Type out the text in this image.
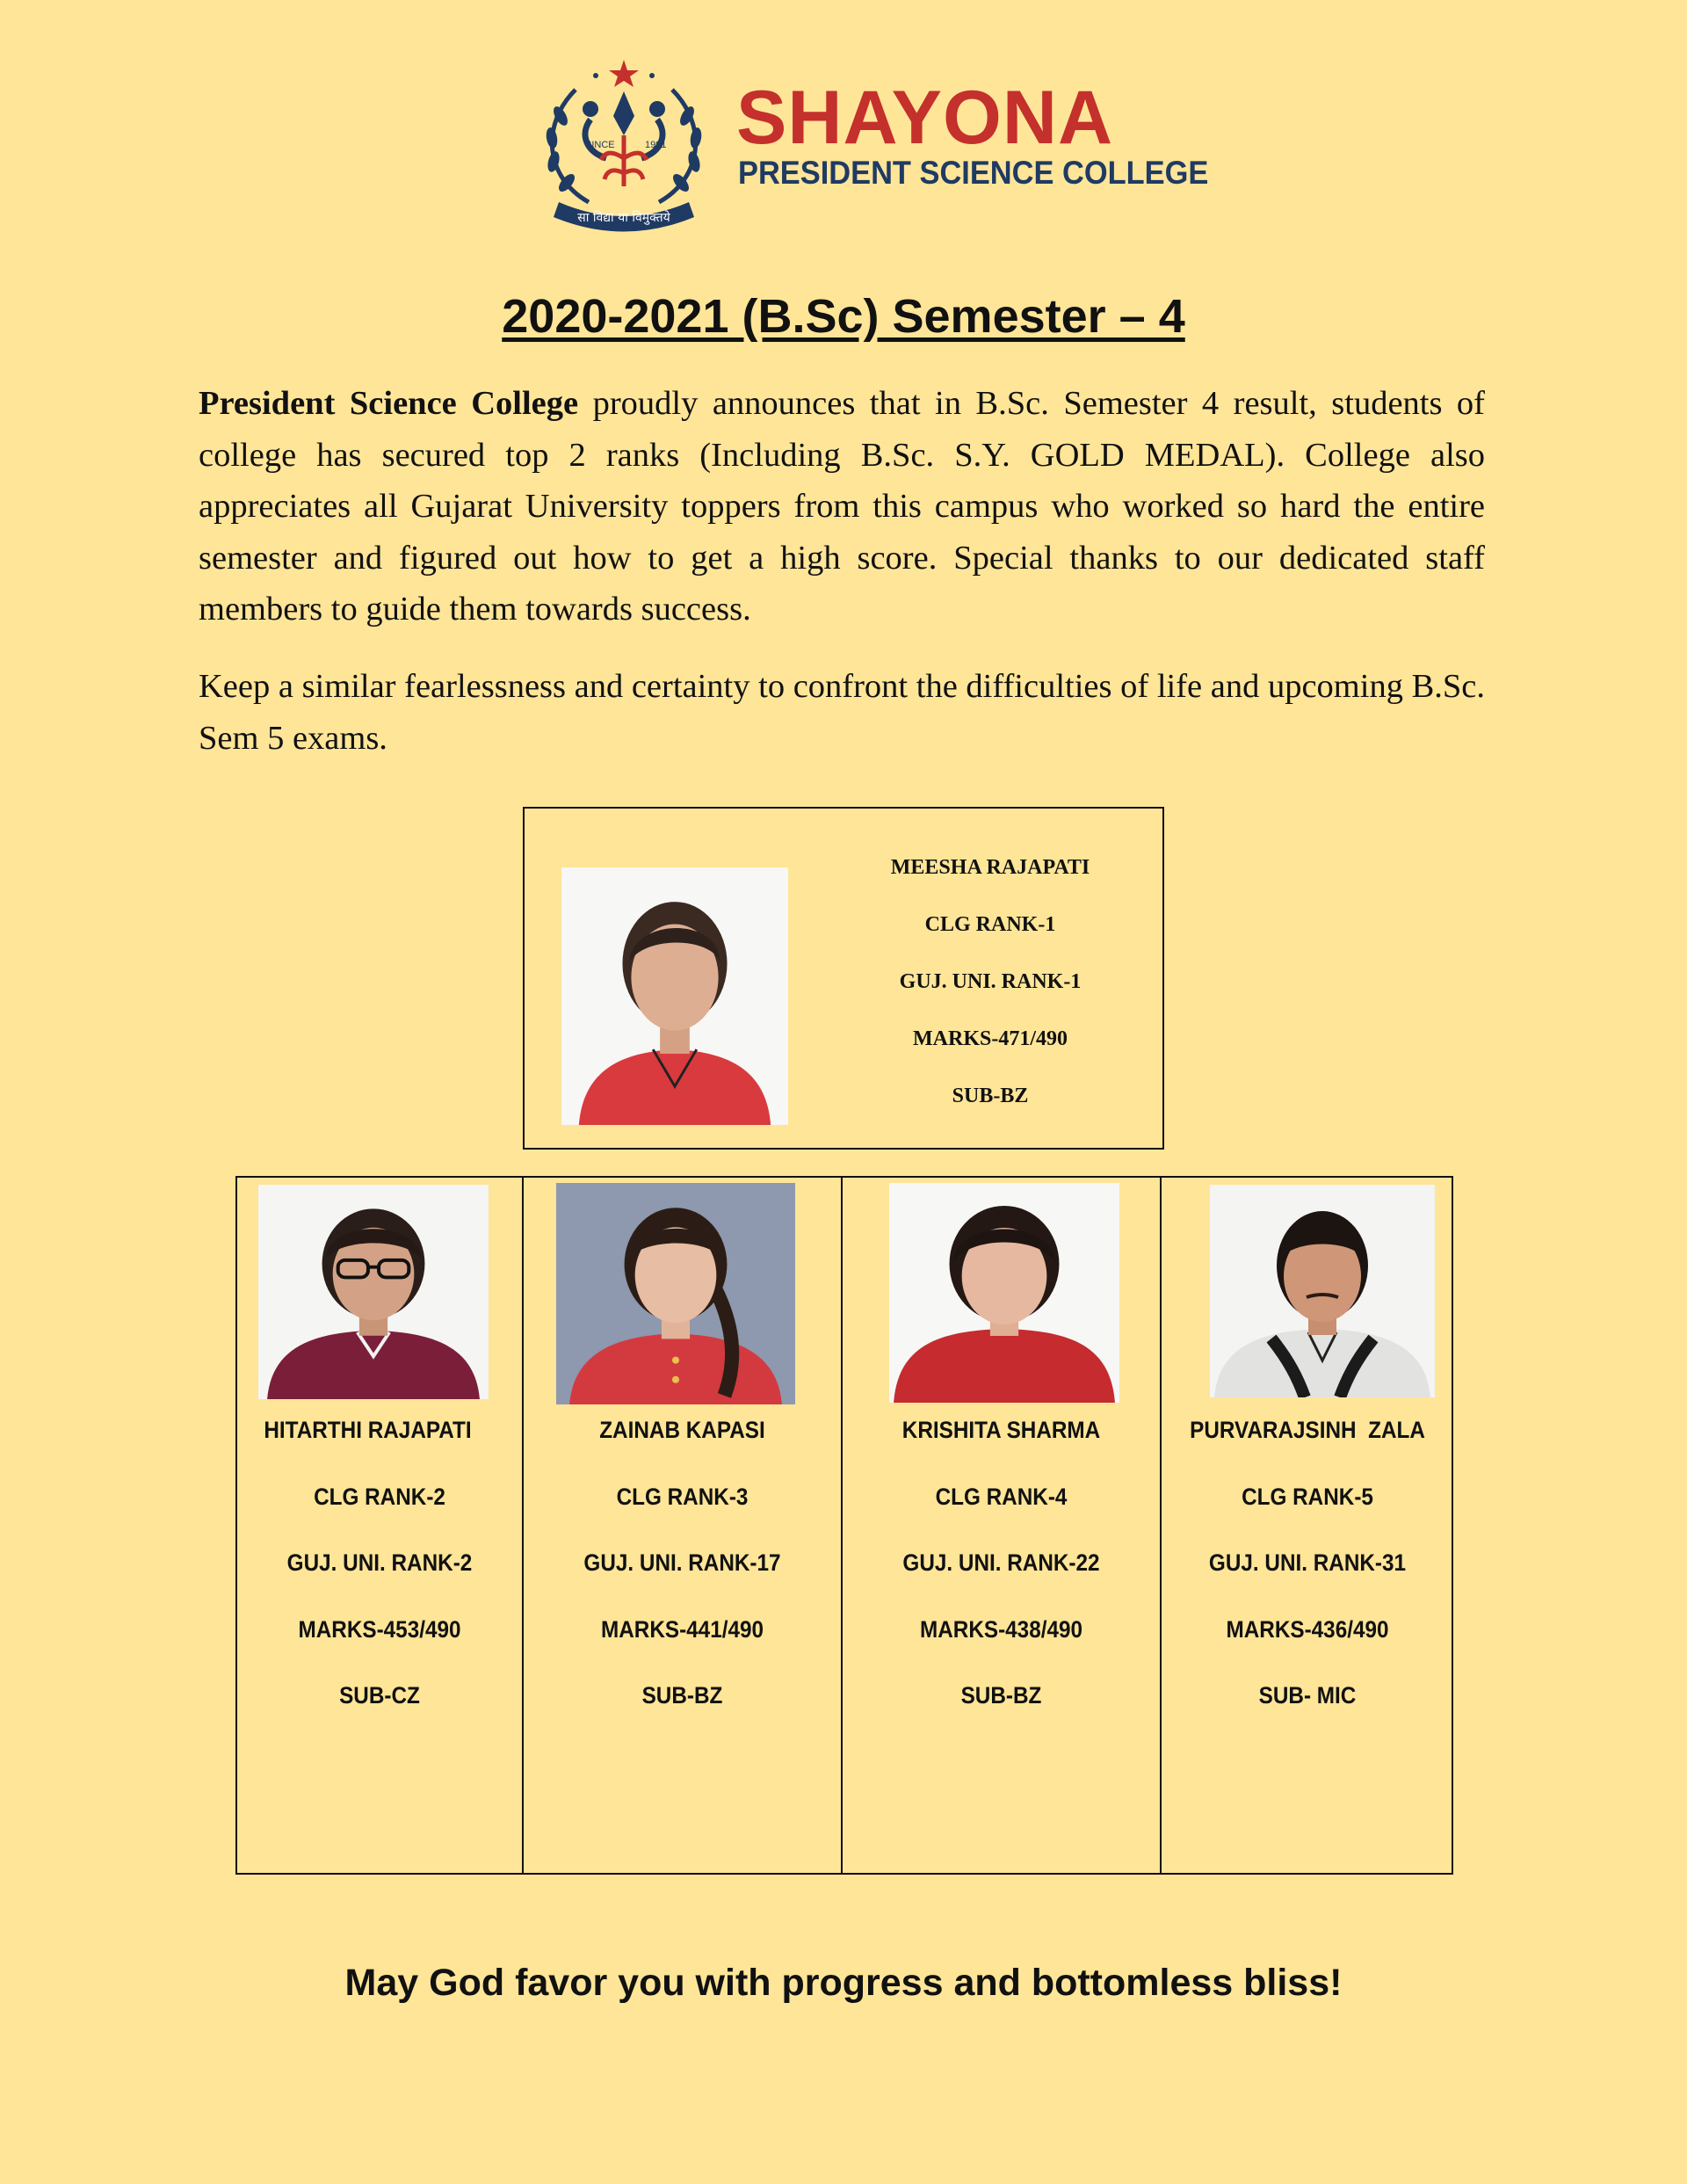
SINCE	1991
सा विद्या या विमुक्तये
SHAYONA
PRESIDENT SCIENCE COLLEGE
2020-2021 (B.Sc) Semester – 4

President Science College proudly announces that in B.Sc. Semester 4 result, students of college has secured top 2 ranks (Including B.Sc. S.Y. GOLD MEDAL). College also appreciates all Gujarat University toppers from this campus who worked so hard the entire semester and figured out how to get a high score. Special thanks to our dedicated staff members to guide them towards success.

Keep a similar fearlessness and certainty to confront the difficulties of life and upcoming B.Sc. Sem 5 exams.

MEESHA RAJAPATI
CLG RANK-1
GUJ. UNI. RANK-1
MARKS-471/490
SUB-BZ
HITARTHI RAJAPATI
CLG RANK-2
GUJ. UNI. RANK-2
MARKS-453/490
SUB-CZ
ZAINAB KAPASI
CLG RANK-3
GUJ. UNI. RANK-17
MARKS-441/490
SUB-BZ
KRISHITA SHARMA
CLG RANK-4
GUJ. UNI. RANK-22
MARKS-438/490
SUB-BZ
PURVARAJSINH  ZALA
CLG RANK-5
GUJ. UNI. RANK-31
MARKS-436/490
SUB- MIC

May God favor you with progress and bottomless bliss!
